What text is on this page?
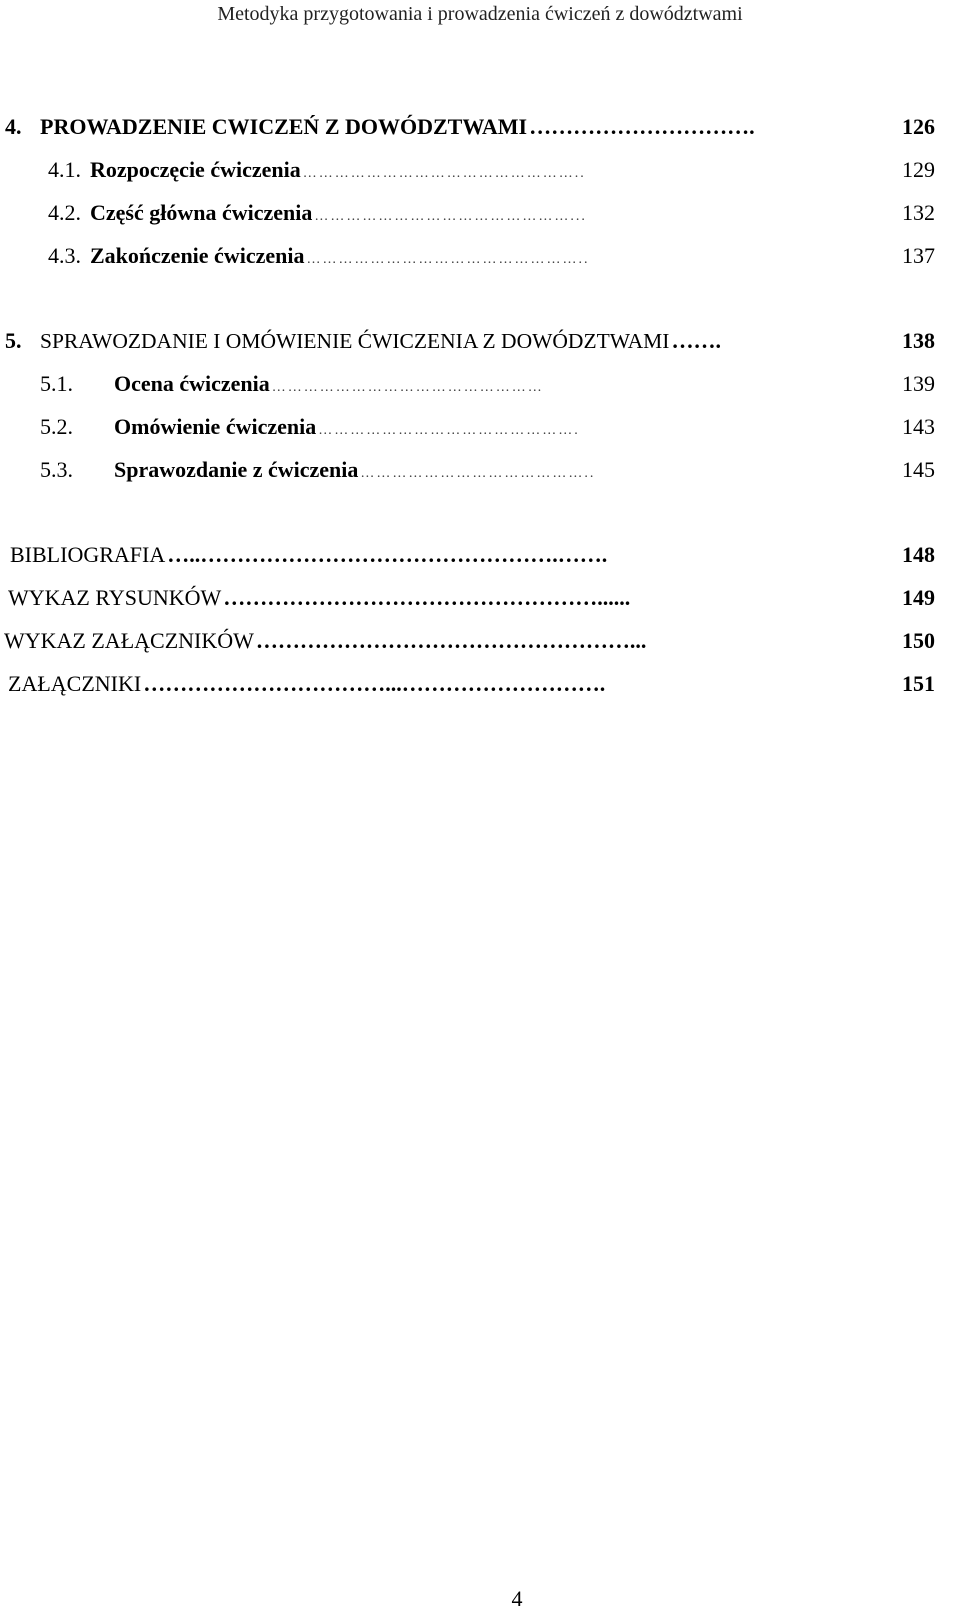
Metodyka przygotowania i prowadzenia ćwiczeń z dowództwami
4. PROWADZENIE CWICZEŃ Z DOWÓDZTWAMI ………………………….	126
4.1. Rozpoczęcie ćwiczenia ……………………………………………..	129
4.2. Część główna ćwiczenia …………………………………………...	132
4.3. Zakończenie ćwiczenia ……………………………………………..	137
5. SPRAWOZDANIE I OMÓWIENIE ĆWICZENIA Z DOWÓDZTWAMI …….	138
5.1.	Ocena ćwiczenia ……………………………………………	139
5.2.	Omówienie ćwiczenia ………………………………………….	143
5.3.	Sprawozdanie z ćwiczenia ……………………………………..	145
BIBLIOGRAFIA …..………………………………………….…….	148
WYKAZ RYSUNKÓW ……………………………………………......	149
WYKAZ ZAŁĄCZNIKÓW ……………………………………………...	150
ZAŁĄCZNIKI ……………………………...……………………….	151
4
